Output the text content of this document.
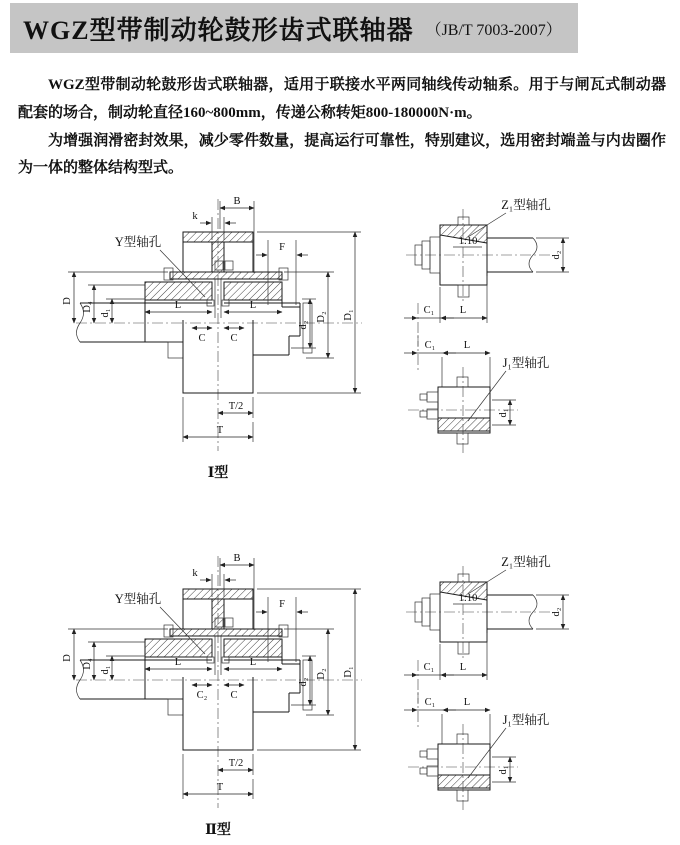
WGZ型带制动轮鼓形齿式联轴器 （JB/T 7003-2007）

WGZ型带制动轮鼓形齿式联轴器，适用于联接水平两同轴线传动轴系。用于与闸瓦式制动器配套的场合，制动轮直径160~800mm，传递公称转矩800-180000N·m。

为增强润滑密封效果，减少零件数量，提高运行可靠性，特别建议，选用密封端盖与内齿圈作为一体的整体结构型式。

Y型轴孔
B
k
F
D
D₄
d₁
L	L
C C
T/2
T
d₂
D₂ D₁
1:10
d₂
C₁ L
Z₁型轴孔
C₁	L
d₁
J₁型轴孔
Ⅰ型
Y型轴孔
B
k
F
D
D₄
d₁
L	L
C₂ C
T/2
T
d₂
D₂ D₁
1:10
d₂
C₁ L
Z₁型轴孔
C₁	L
d₁
J₁型轴孔
Ⅱ型
